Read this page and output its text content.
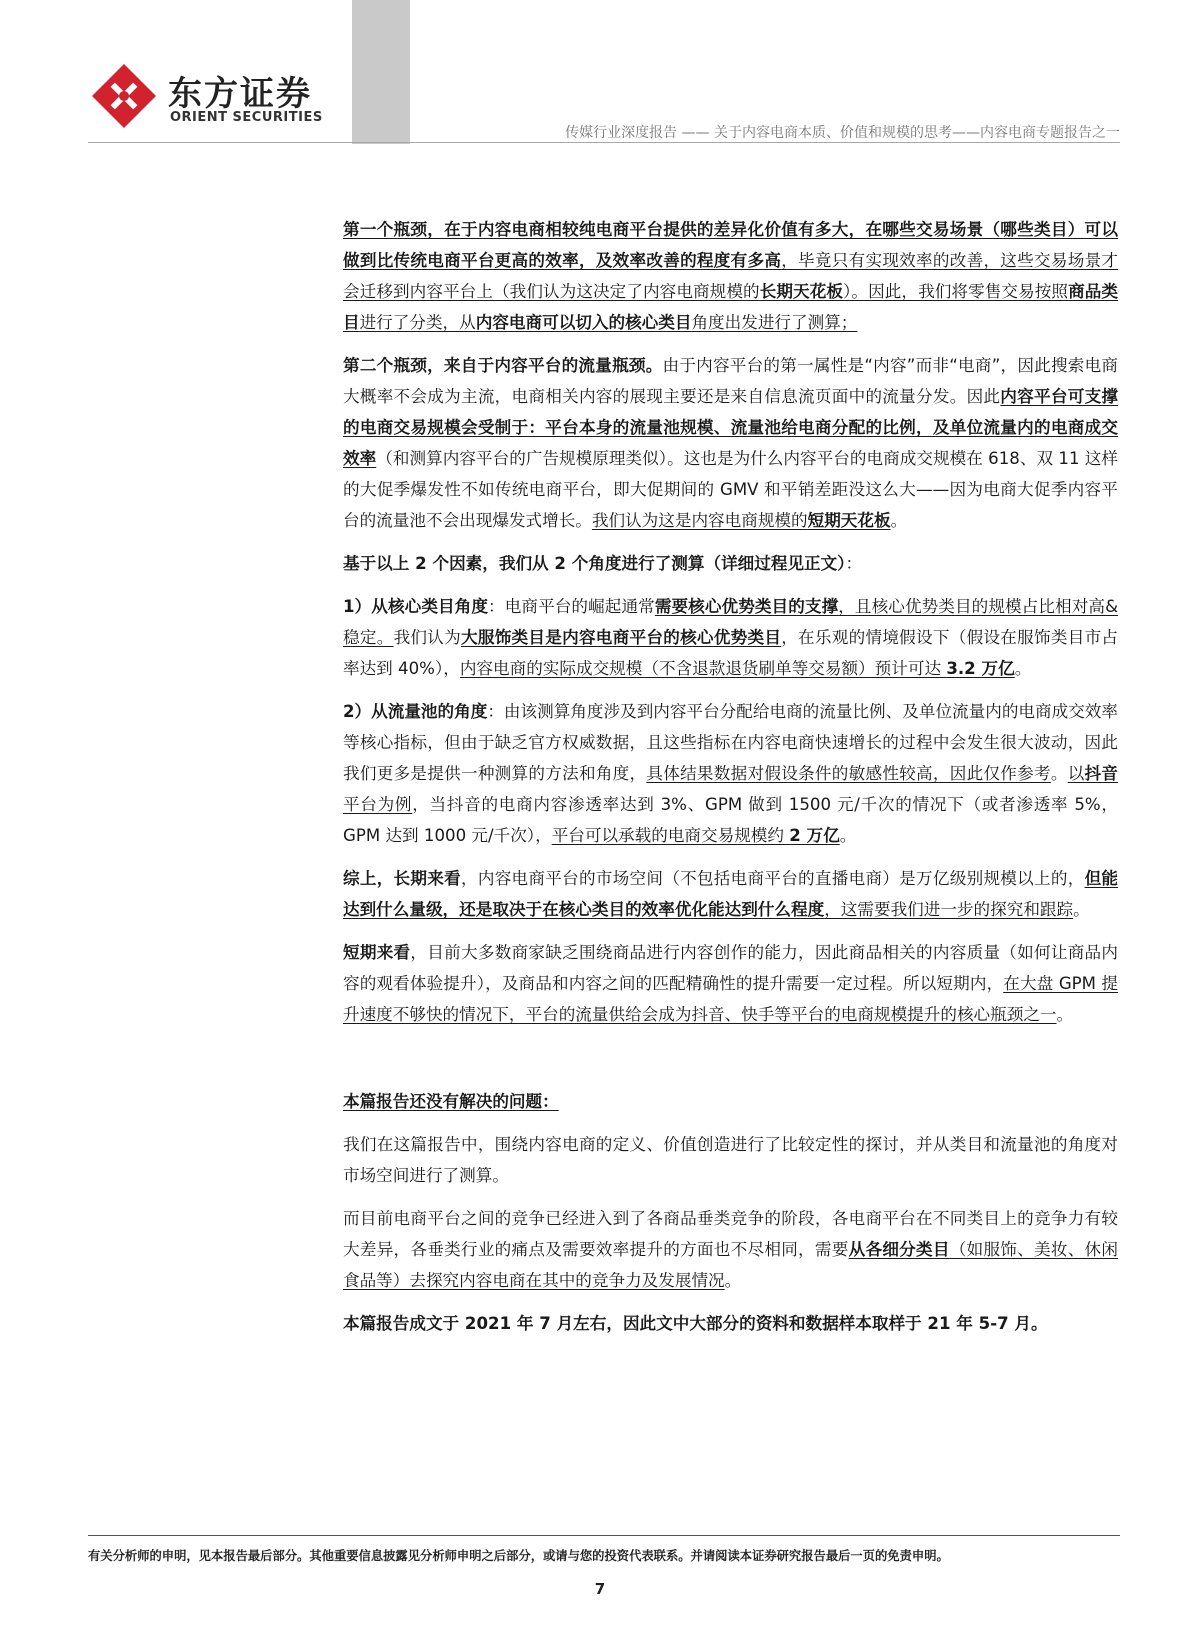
东方证券
ORIENT SECURITIES
传媒行业深度报告 —— 关于内容电商本质、价值和规模的思考——内容电商专题报告之一

第一个瓶颈，在于内容电商相较纯电商平台提供的差异化价值有多大，在哪些交易场景（哪些类目）可以做到比传统电商平台更高的效率，及效率改善的程度有多高，毕竟只有实现效率的改善，这些交易场景才会迁移到内容平台上（我们认为这决定了内容电商规模的长期天花板）。因此，我们将零售交易按照商品类目进行了分类，从内容电商可以切入的核心类目角度出发进行了测算；

第二个瓶颈，来自于内容平台的流量瓶颈。由于内容平台的第一属性是“内容”而非“电商”，因此搜索电商大概率不会成为主流，电商相关内容的展现主要还是来自信息流页面中的流量分发。因此内容平台可支撑的电商交易规模会受制于：平台本身的流量池规模、流量池给电商分配的比例，及单位流量内的电商成交效率（和测算内容平台的广告规模原理类似）。这也是为什么内容平台的电商成交规模在 618、双 11 这样的大促季爆发性不如传统电商平台，即大促期间的 GMV 和平销差距没这么大——因为电商大促季内容平台的流量池不会出现爆发式增长。我们认为这是内容电商规模的短期天花板。

基于以上 2 个因素，我们从 2 个角度进行了测算（详细过程见正文）：

1）从核心类目角度：电商平台的崛起通常需要核心优势类目的支撑，且核心优势类目的规模占比相对高&稳定。我们认为大服饰类目是内容电商平台的核心优势类目，在乐观的情境假设下（假设在服饰类目市占率达到 40%），内容电商的实际成交规模（不含退款退货刷单等交易额）预计可达 3.2 万亿。

2）从流量池的角度：由该测算角度涉及到内容平台分配给电商的流量比例、及单位流量内的电商成交效率等核心指标，但由于缺乏官方权威数据，且这些指标在内容电商快速增长的过程中会发生很大波动，因此我们更多是提供一种测算的方法和角度，具体结果数据对假设条件的敏感性较高，因此仅作参考。以抖音平台为例，当抖音的电商内容渗透率达到 3%、GPM 做到 1500 元/千次的情况下（或者渗透率 5%，GPM 达到 1000 元/千次），平台可以承载的电商交易规模约 2 万亿。

综上，长期来看，内容电商平台的市场空间（不包括电商平台的直播电商）是万亿级别规模以上的，但能达到什么量级，还是取决于在核心类目的效率优化能达到什么程度，这需要我们进一步的探究和跟踪。

短期来看，目前大多数商家缺乏围绕商品进行内容创作的能力，因此商品相关的内容质量（如何让商品内容的观看体验提升），及商品和内容之间的匹配精确性的提升需要一定过程。所以短期内，在大盘 GPM 提升速度不够快的情况下，平台的流量供给会成为抖音、快手等平台的电商规模提升的核心瓶颈之一。

本篇报告还没有解决的问题：

我们在这篇报告中，围绕内容电商的定义、价值创造进行了比较定性的探讨，并从类目和流量池的角度对市场空间进行了测算。

而目前电商平台之间的竞争已经进入到了各商品垂类竞争的阶段，各电商平台在不同类目上的竞争力有较大差异，各垂类行业的痛点及需要效率提升的方面也不尽相同，需要从各细分类目（如服饰、美妆、休闲食品等）去探究内容电商在其中的竞争力及发展情况。

本篇报告成文于 2021 年 7 月左右，因此文中大部分的资料和数据样本取样于 21 年 5-7 月。

有关分析师的申明，见本报告最后部分。其他重要信息披露见分析师申明之后部分，或请与您的投资代表联系。并请阅读本证券研究报告最后一页的免责申明。
7
